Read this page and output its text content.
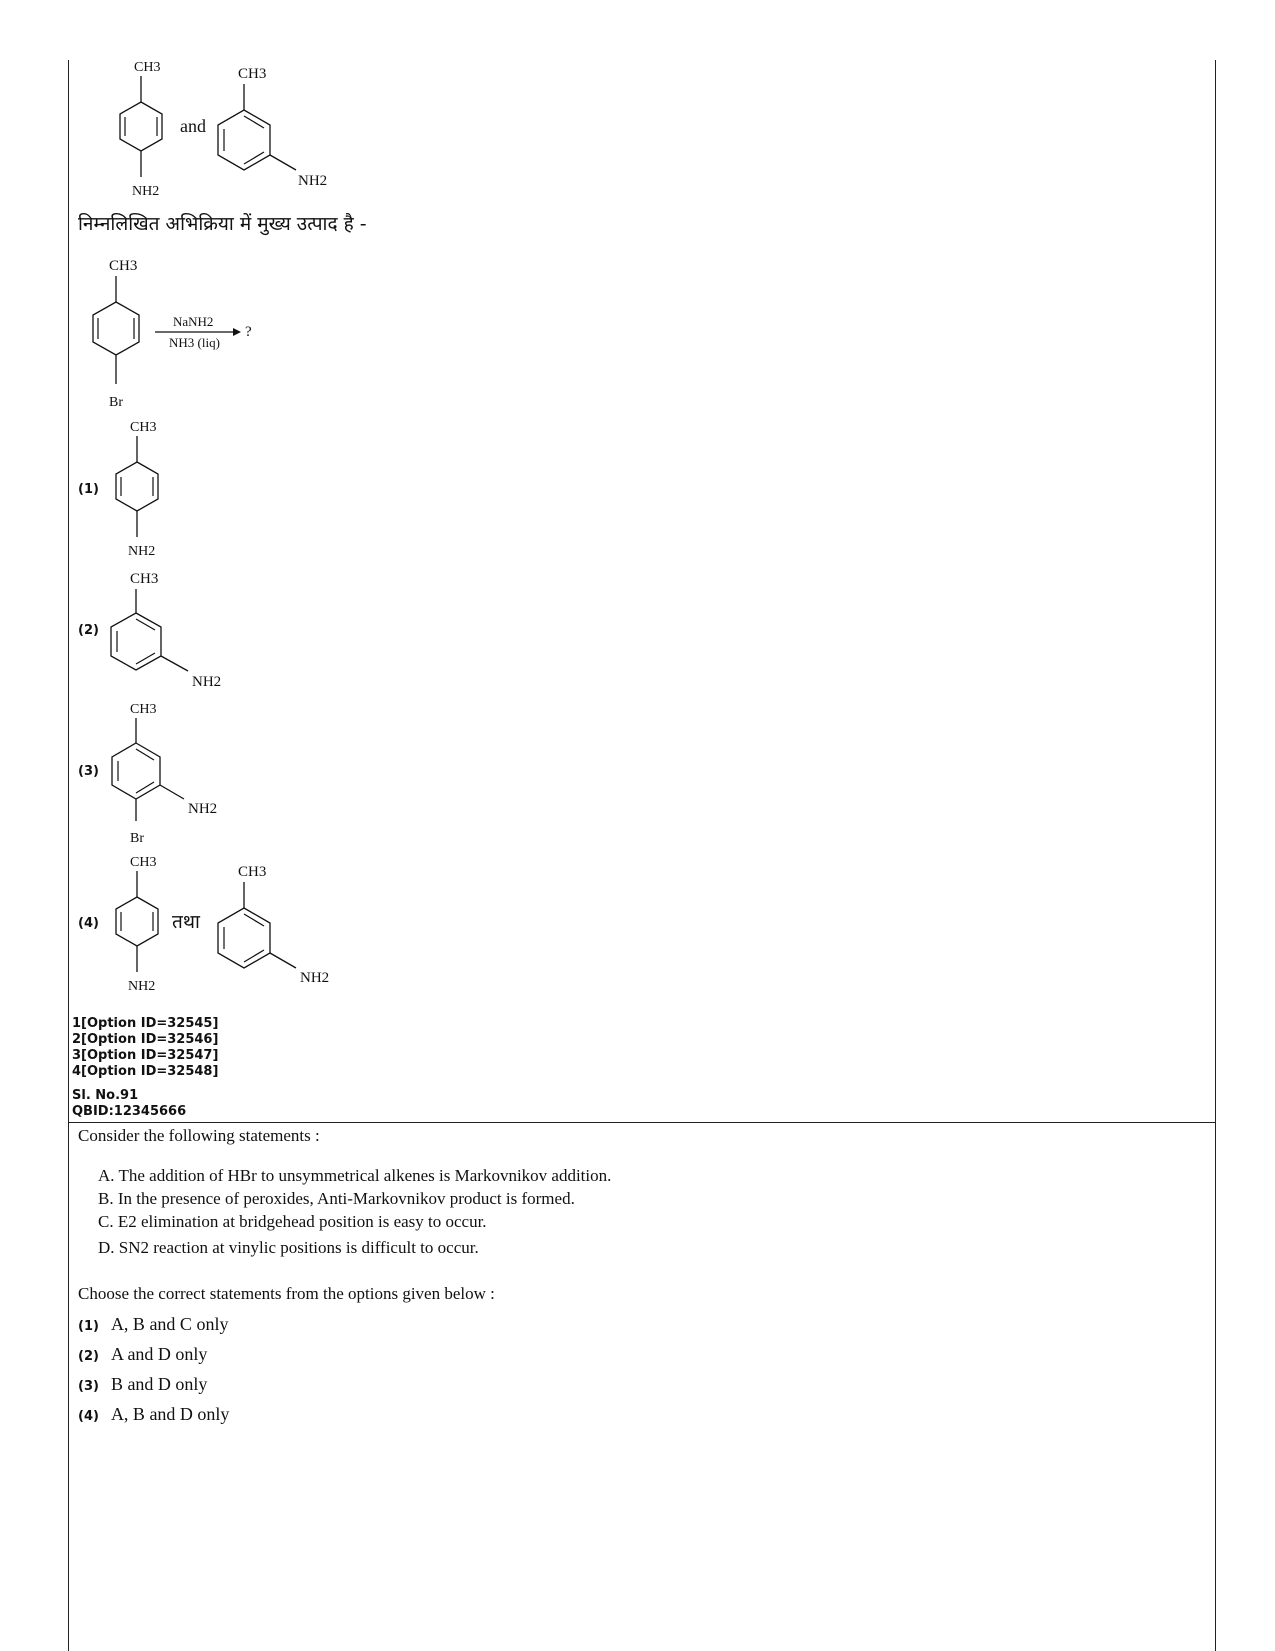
CH3
NH2
and
CH3
NH2
निम्नलिखित अभिक्रिया में मुख्य उत्पाद है -
CH3
Br
NaNH2
NH3 (liq)
?
(1)
CH3
NH2
(2)
CH3
NH2
(3)
CH3
NH2
Br
(4)
CH3
NH2
तथा
CH3
NH2
1[Option ID=32545]
2[Option ID=32546]
3[Option ID=32547]
4[Option ID=32548]
Sl. No.91
QBID:12345666
Consider the following statements :
A. The addition of HBr to unsymmetrical alkenes is Markovnikov addition.
B. In the presence of peroxides, Anti-Markovnikov product is formed.
C. E2 elimination at bridgehead position is easy to occur.
D. SN2 reaction at vinylic positions is difficult to occur.
Choose the correct statements from the options given below :
(1) A, B and C only
(2) A and D only
(3) B and D only
(4) A, B and D only
